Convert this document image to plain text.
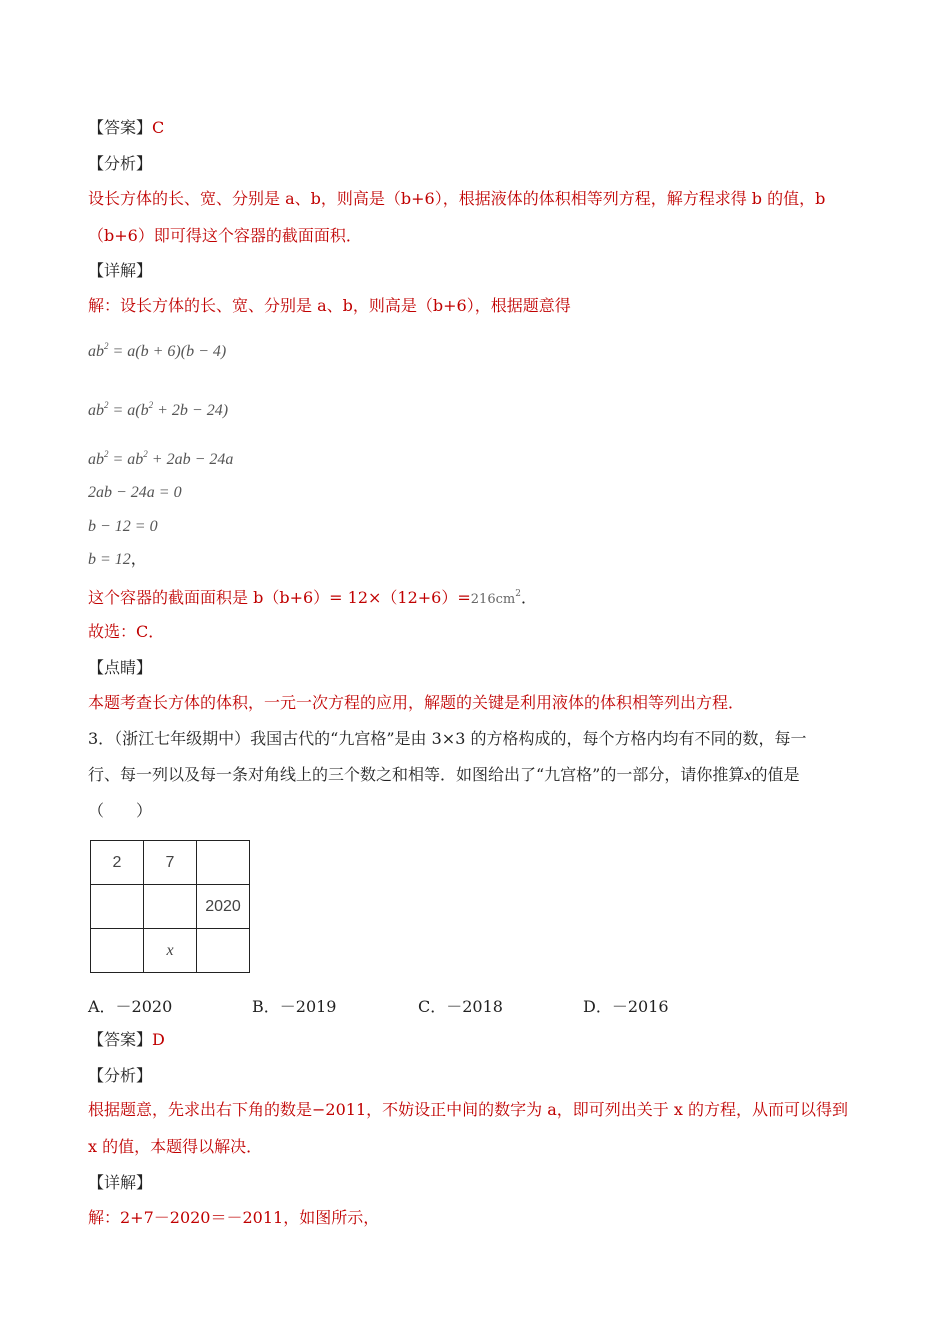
【答案】C
【分析】
设长方体的长、宽、分别是 a、b，则高是（b+6），根据液体的体积相等列方程，解方程求得 b 的值，b
（b+6）即可得这个容器的截面面积．
【详解】
解：设长方体的长、宽、分别是 a、b，则高是（b+6），根据题意得
$ab^2 = a(b + 6)(b - 4)$
$ab^2 = a(b^2 + 2b - 24)$
$ab^2 = ab^2 + 2ab - 24a$
2ab − 24a = 0
b − 12 = 0
b = 12，
这个容器的截面面积是 $b(b+6)= 12\times(12+6)=216cm^2$．
故选：C．
【点睛】
本题考查长方体的体积，一元一次方程的应用，解题的关键是利用液体的体积相等列出方程．
3．（浙江七年级期中）我国古代的“九宫格”是由 3×3 的方格构成的，每个方格内均有不同的数，每一
行、每一列以及每一条对角线上的三个数之和相等．如图给出了“九宫格”的一部分，请你推算x的值是
（　　）
2	7	
		2020
	x	
A．－2020	B．－2019	C．－2018	D．－2016
【答案】D
【分析】
根据题意，先求出右下角的数是−2011，不妨设正中间的数字为 a，即可列出关于 x 的方程，从而可以得到
x 的值，本题得以解决．
【详解】
解：2+7－2020＝－2011，如图所示，
